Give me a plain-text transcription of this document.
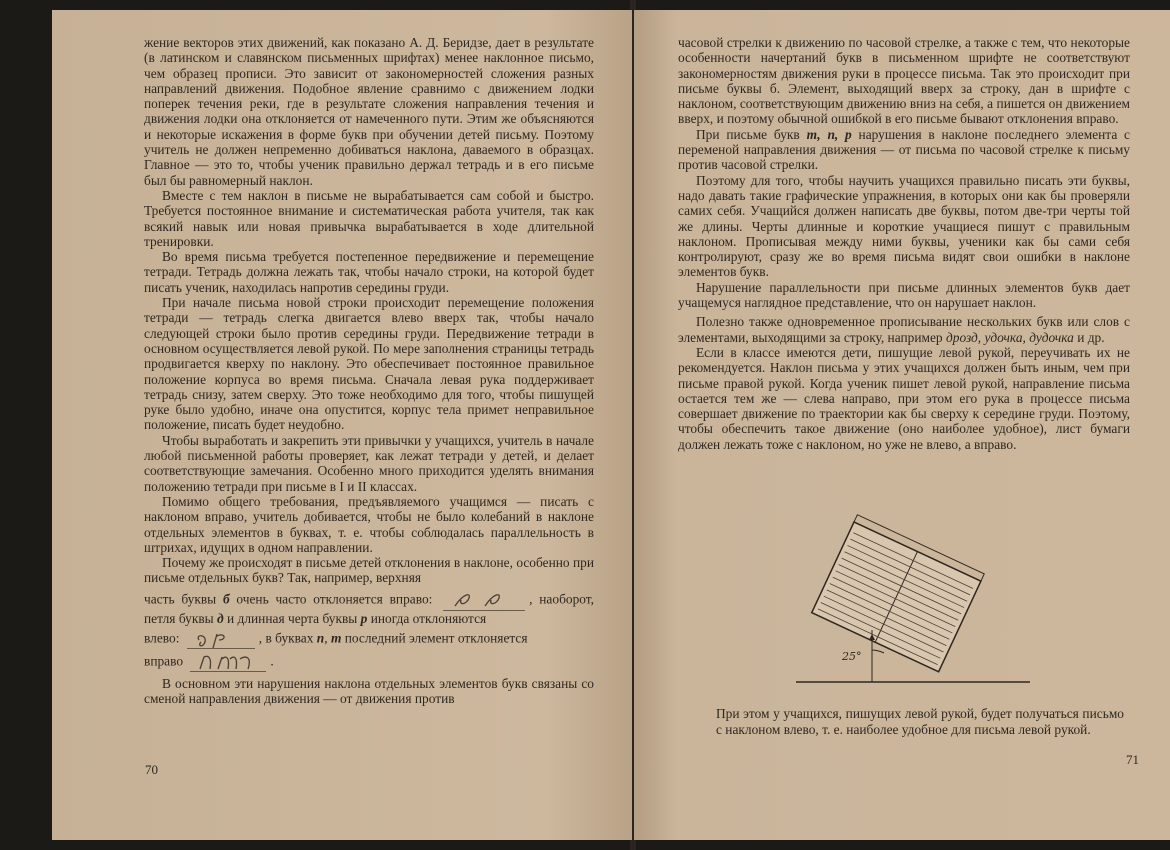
жение векторов этих движений, как показано А. Д. Беридзе, дает в результате (в латинском и славянском письменных шрифтах) менее наклонное письмо, чем образец прописи. Это зависит от закономерностей сложения разных направлений движения. Подобное явление сравнимо с движением лодки поперек течения реки, где в результате сложения направления течения и движения лодки она отклоняется от намеченного пути. Этим же объясняются и некоторые искажения в форме букв при обучении детей письму. Поэтому учитель не должен непременно добиваться наклона, даваемого в образцах. Главное — это то, чтобы ученик правильно держал тетрадь и в его письме был бы равномерный наклон.

Вместе с тем наклон в письме не вырабатывается сам собой и быстро. Требуется постоянное внимание и систематическая работа учителя, так как всякий навык или новая привычка вырабатывается в ходе длительной тренировки.

Во время письма требуется постепенное передвижение и перемещение тетради. Тетрадь должна лежать так, чтобы начало строки, на которой будет писать ученик, находилась напротив середины груди.

При начале письма новой строки происходит перемещение положения тетради — тетрадь слегка двигается влево вверх так, чтобы начало следующей строки было против середины груди. Передвижение тетради в основном осуществляется левой рукой. По мере заполнения страницы тетрадь продвигается кверху по наклону. Это обеспечивает постоянное правильное положение корпуса во время письма. Сначала левая рука поддерживает тетрадь снизу, затем сверху. Это тоже необходимо для того, чтобы пишущей руке было удобно, иначе она опустится, корпус тела примет неправильное положение, писать будет неудобно.

Чтобы выработать и закрепить эти привычки у учащихся, учитель в начале любой письменной работы проверяет, как лежат тетради у детей, и делает соответствующие замечания. Особенно много приходится уделять внимания положению тетради при письме в I и II классах.

Помимо общего требования, предъявляемого учащимся — писать с наклоном вправо, учитель добивается, чтобы не было колебаний в наклоне отдельных элементов в буквах, т. е. чтобы соблюдалась параллельность в штрихах, идущих в одном направлении.

Почему же происходят в письме детей отклонения в наклоне, особенно при письме отдельных букв? Так, например, верхняя

часть буквы б очень часто отклоняется вправо:	, наоборот, петля буквы д и длинная черта буквы р иногда отклоняются

влево:	, в буквах п, т последний элемент отклоняется

вправо	.

В основном эти нарушения наклона отдельных элементов букв связаны со сменой направления движения — от движения против

70

часовой стрелки к движению по часовой стрелке, а также с тем, что некоторые особенности начертаний букв в письменном шрифте не соответствуют закономерностям движения руки в процессе письма. Так это происходит при письме буквы б. Элемент, выходящий вверх за строку, дан в шрифте с наклоном, соответствующим движению вниз на себя, а пишется он движением вверх, и поэтому обычной ошибкой в его письме бывают отклонения вправо.

При письме букв т, п, р нарушения в наклоне последнего элемента с переменой направления движения — от письма по часовой стрелке к письму против часовой стрелки.

Поэтому для того, чтобы научить учащихся правильно писать эти буквы, надо давать такие графические упражнения, в которых они как бы проверяли самих себя. Учащийся должен написать две буквы, потом две-три черты той же длины. Черты длинные и короткие учащиеся пишут с правильным наклоном. Прописывая между ними буквы, ученики как бы сами себя контролируют, сразу же во время письма видят свои ошибки в наклоне элементов букв.

Нарушение параллельности при письме длинных элементов букв дает учащемуся наглядное представление, что он нарушает наклон.

Полезно также одновременное прописывание нескольких букв или слов с элементами, выходящими за строку, например дрозд, удочка, дудочка и др.

Если в классе имеются дети, пишущие левой рукой, переучивать их не рекомендуется. Наклон письма у этих учащихся должен быть иным, чем при письме правой рукой. Когда ученик пишет левой рукой, направление письма остается тем же — слева направо, при этом его рука в процессе письма совершает движение по траектории как бы сверху к середине груди. Поэтому, чтобы обеспечить такое движение (оно наиболее удобное), лист бумаги должен лежать тоже с наклоном, но уже не влево, а вправо.

25°
При этом у учащихся, пишущих левой рукой, будет получаться письмо с наклоном влево, т. е. наиболее удобное для письма левой рукой.
71
